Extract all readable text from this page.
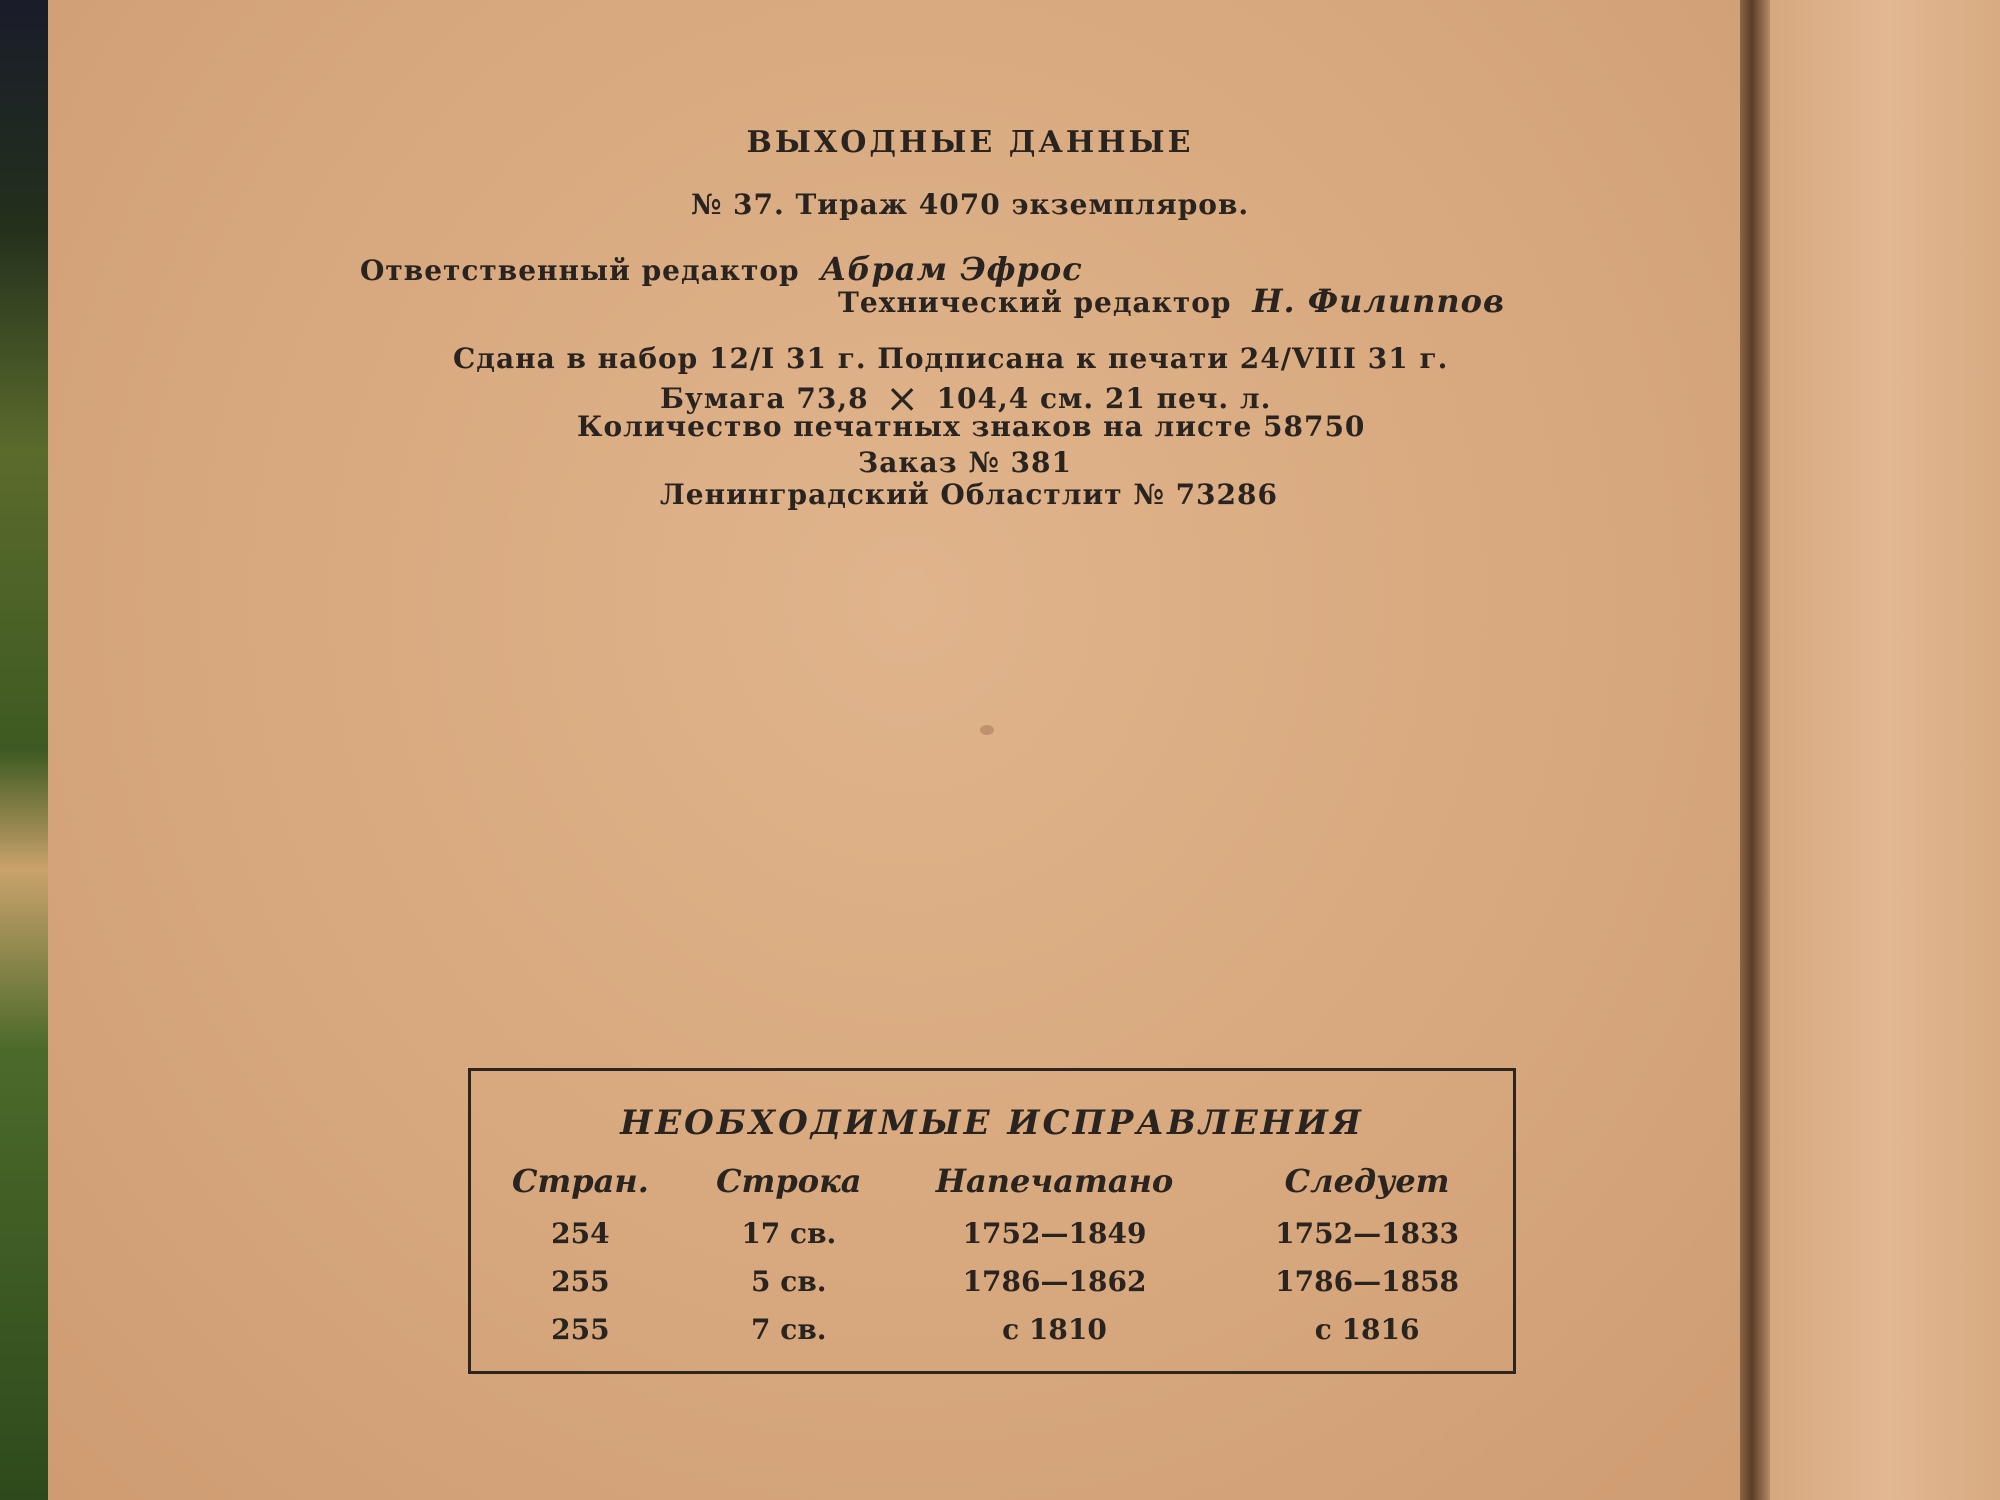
ВЫХОДНЫЕ ДАННЫЕ
№ 37. Тираж 4070 экземпляров.
Ответственный редактор Абрам Эфрос
Технический редактор Н. Филиппов
Сдана в набор 12/I 31 г. Подписана к печати 24/VIII 31 г.
Бумага 73,8 × 104,4 см. 21 печ. л.
Количество печатных знаков на листе 58750
Заказ № 381
Ленинградский Областлит № 73286
НЕОБХОДИМЫЕ ИСПРАВЛЕНИЯ
Стран.	Строка	Напечатано	Следует
254	17 св.	1752—1849	1752—1833
255	5 св.	1786—1862	1786—1858
255	7 св.	с 1810	с 1816
